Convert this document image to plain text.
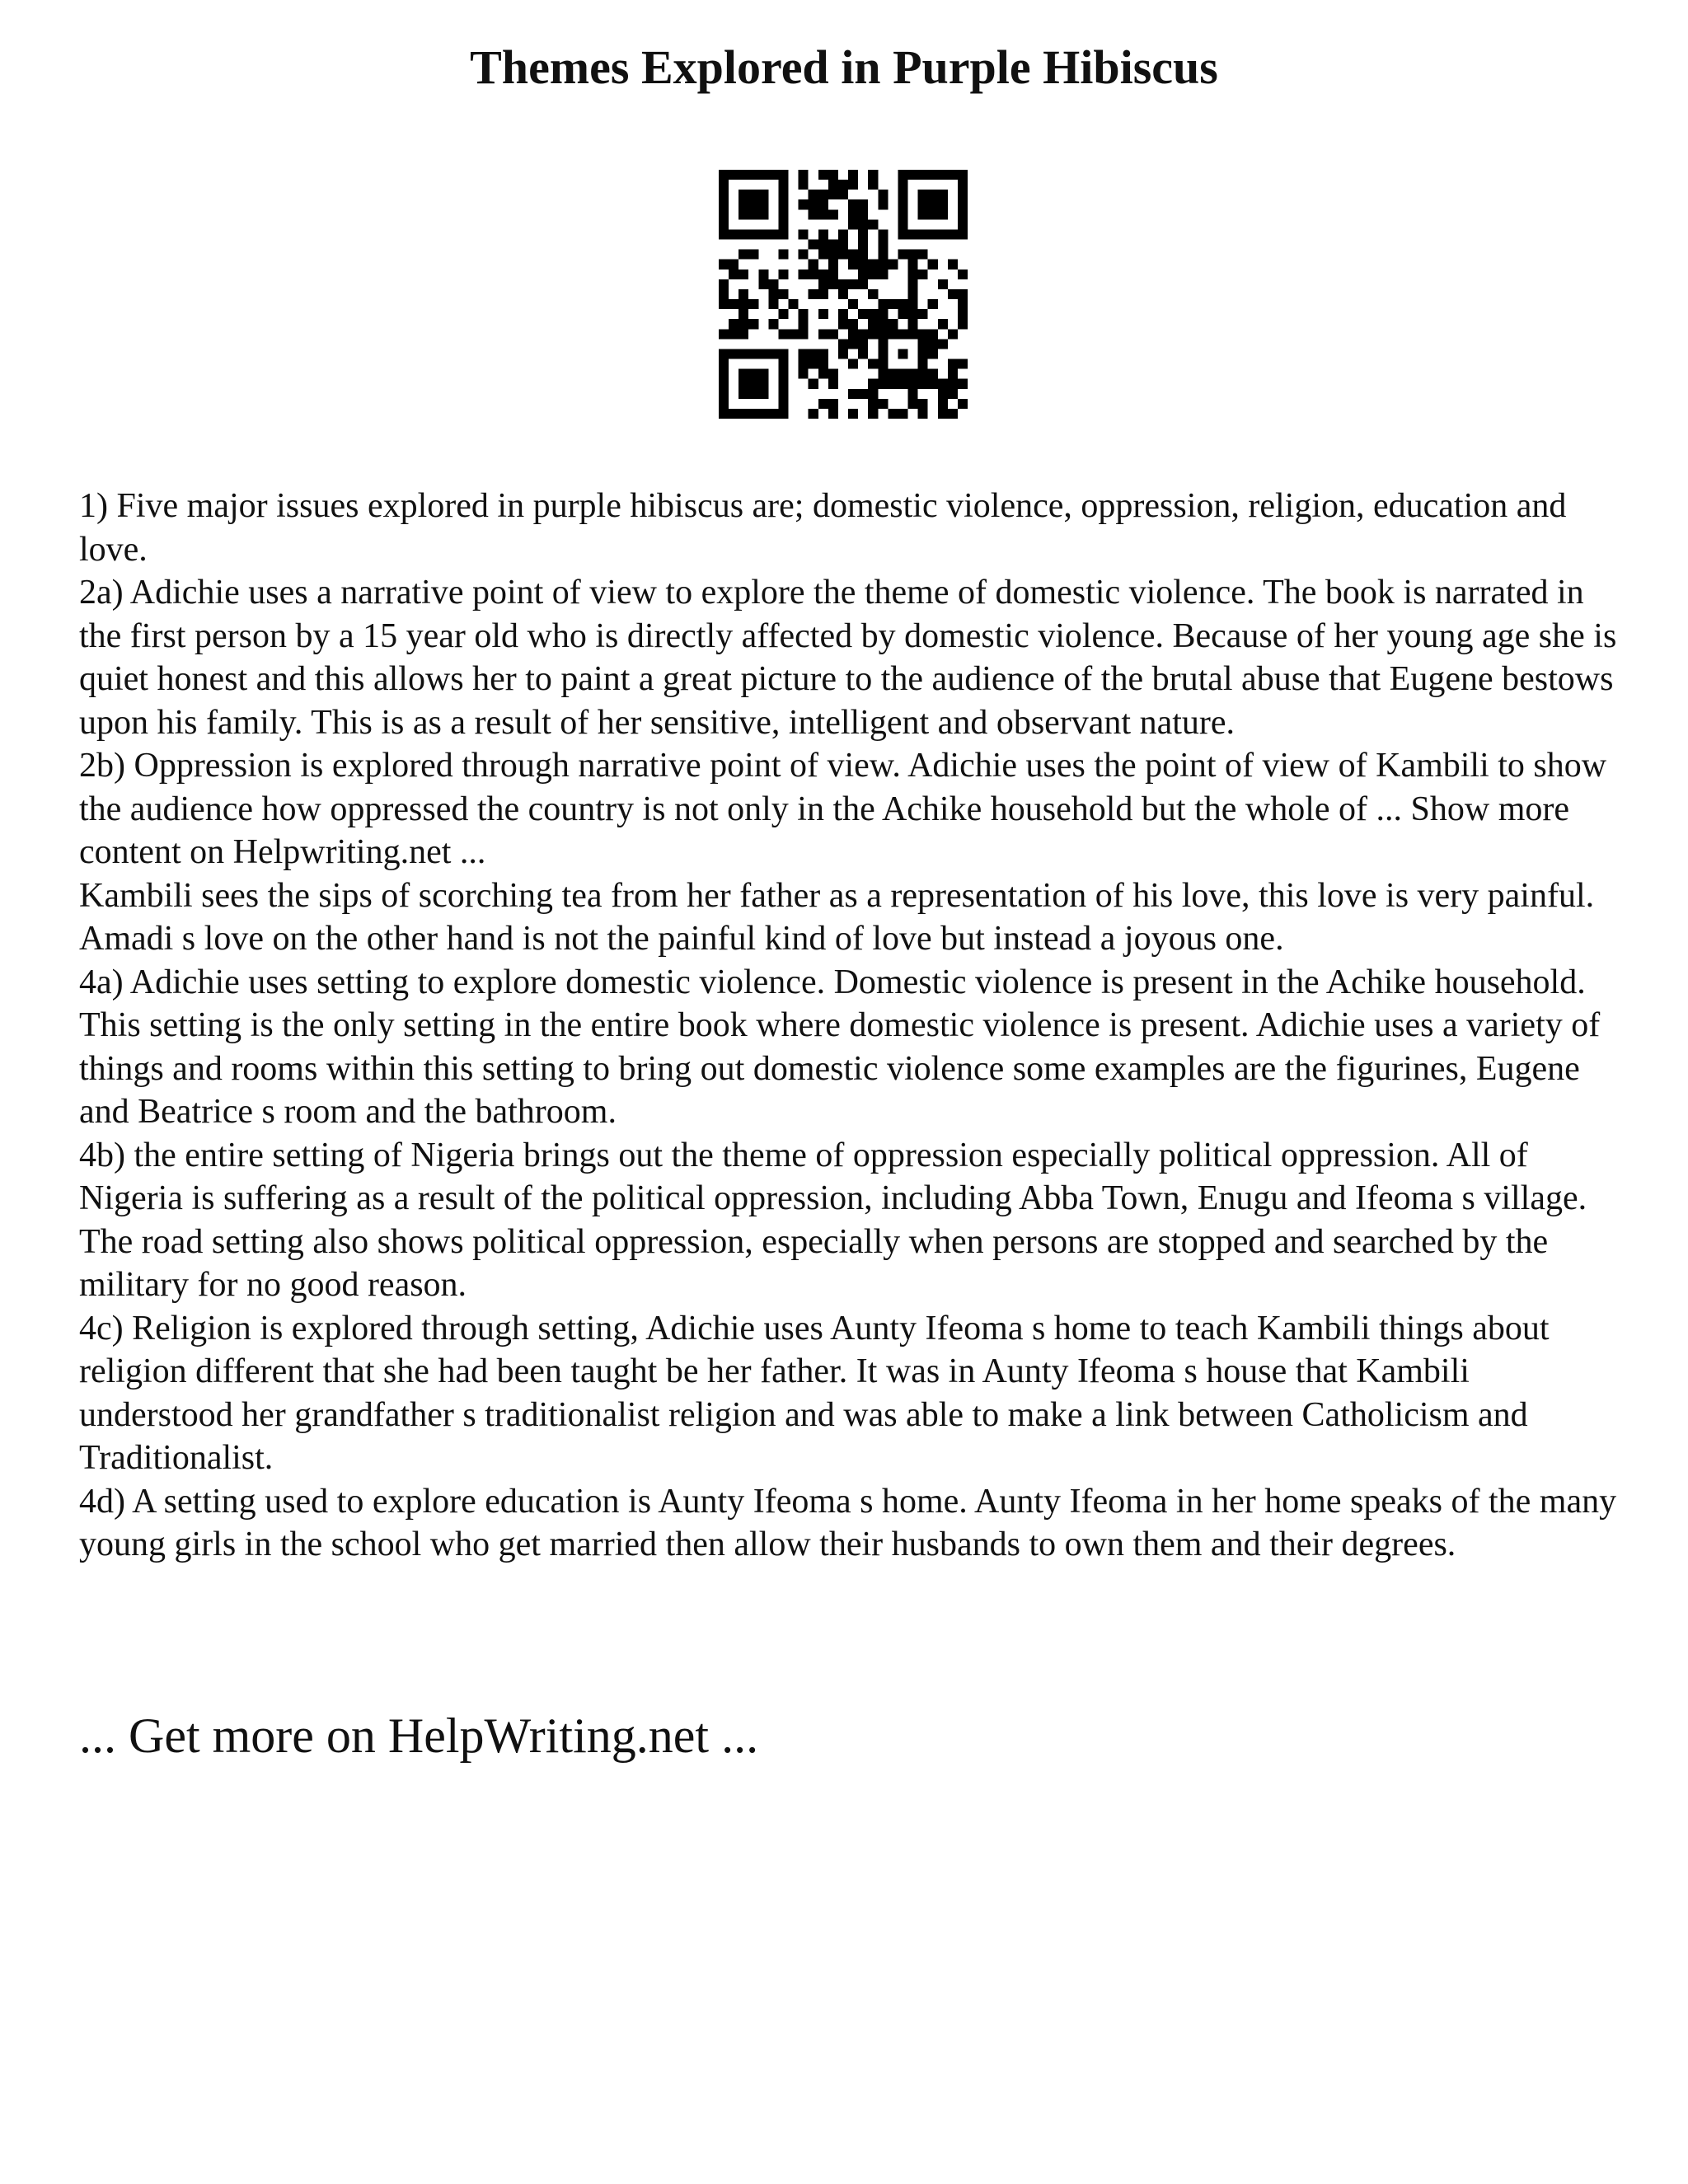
Themes Explored in Purple Hibiscus

1) Five major issues explored in purple hibiscus are; domestic violence, oppression, religion, education and love.

2a) Adichie uses a narrative point of view to explore the theme of domestic violence. The book is narrated in the first person by a 15 year old who is directly affected by domestic violence. Because of her young age she is quiet honest and this allows her to paint a great picture to the audience of the brutal abuse that Eugene bestows upon his family. This is as a result of her sensitive, intelligent and observant nature.

2b) Oppression is explored through narrative point of view. Adichie uses the point of view of Kambili to show the audience how oppressed the country is not only in the Achike household but the whole of ... Show more content on Helpwriting.net ...

Kambili sees the sips of scorching tea from her father as a representation of his love, this love is very painful. Amadi s love on the other hand is not the painful kind of love but instead a joyous one.

4a) Adichie uses setting to explore domestic violence. Domestic violence is present in the Achike household. This setting is the only setting in the entire book where domestic violence is present. Adichie uses a variety of things and rooms within this setting to bring out domestic violence some examples are the figurines, Eugene and Beatrice s room and the bathroom.

4b) the entire setting of Nigeria brings out the theme of oppression especially political oppression. All of Nigeria is suffering as a result of the political oppression, including Abba Town, Enugu and Ifeoma s village. The road setting also shows political oppression, especially when persons are stopped and searched by the military for no good reason.

4c) Religion is explored through setting, Adichie uses Aunty Ifeoma s home to teach Kambili things about religion different that she had been taught be her father. It was in Aunty Ifeoma s house that Kambili understood her grandfather s traditionalist religion and was able to make a link between Catholicism and Traditionalist.

4d) A setting used to explore education is Aunty Ifeoma s home. Aunty Ifeoma in her home speaks of the many young girls in the school who get married then allow their husbands to own them and their degrees.

... Get more on HelpWriting.net ...
